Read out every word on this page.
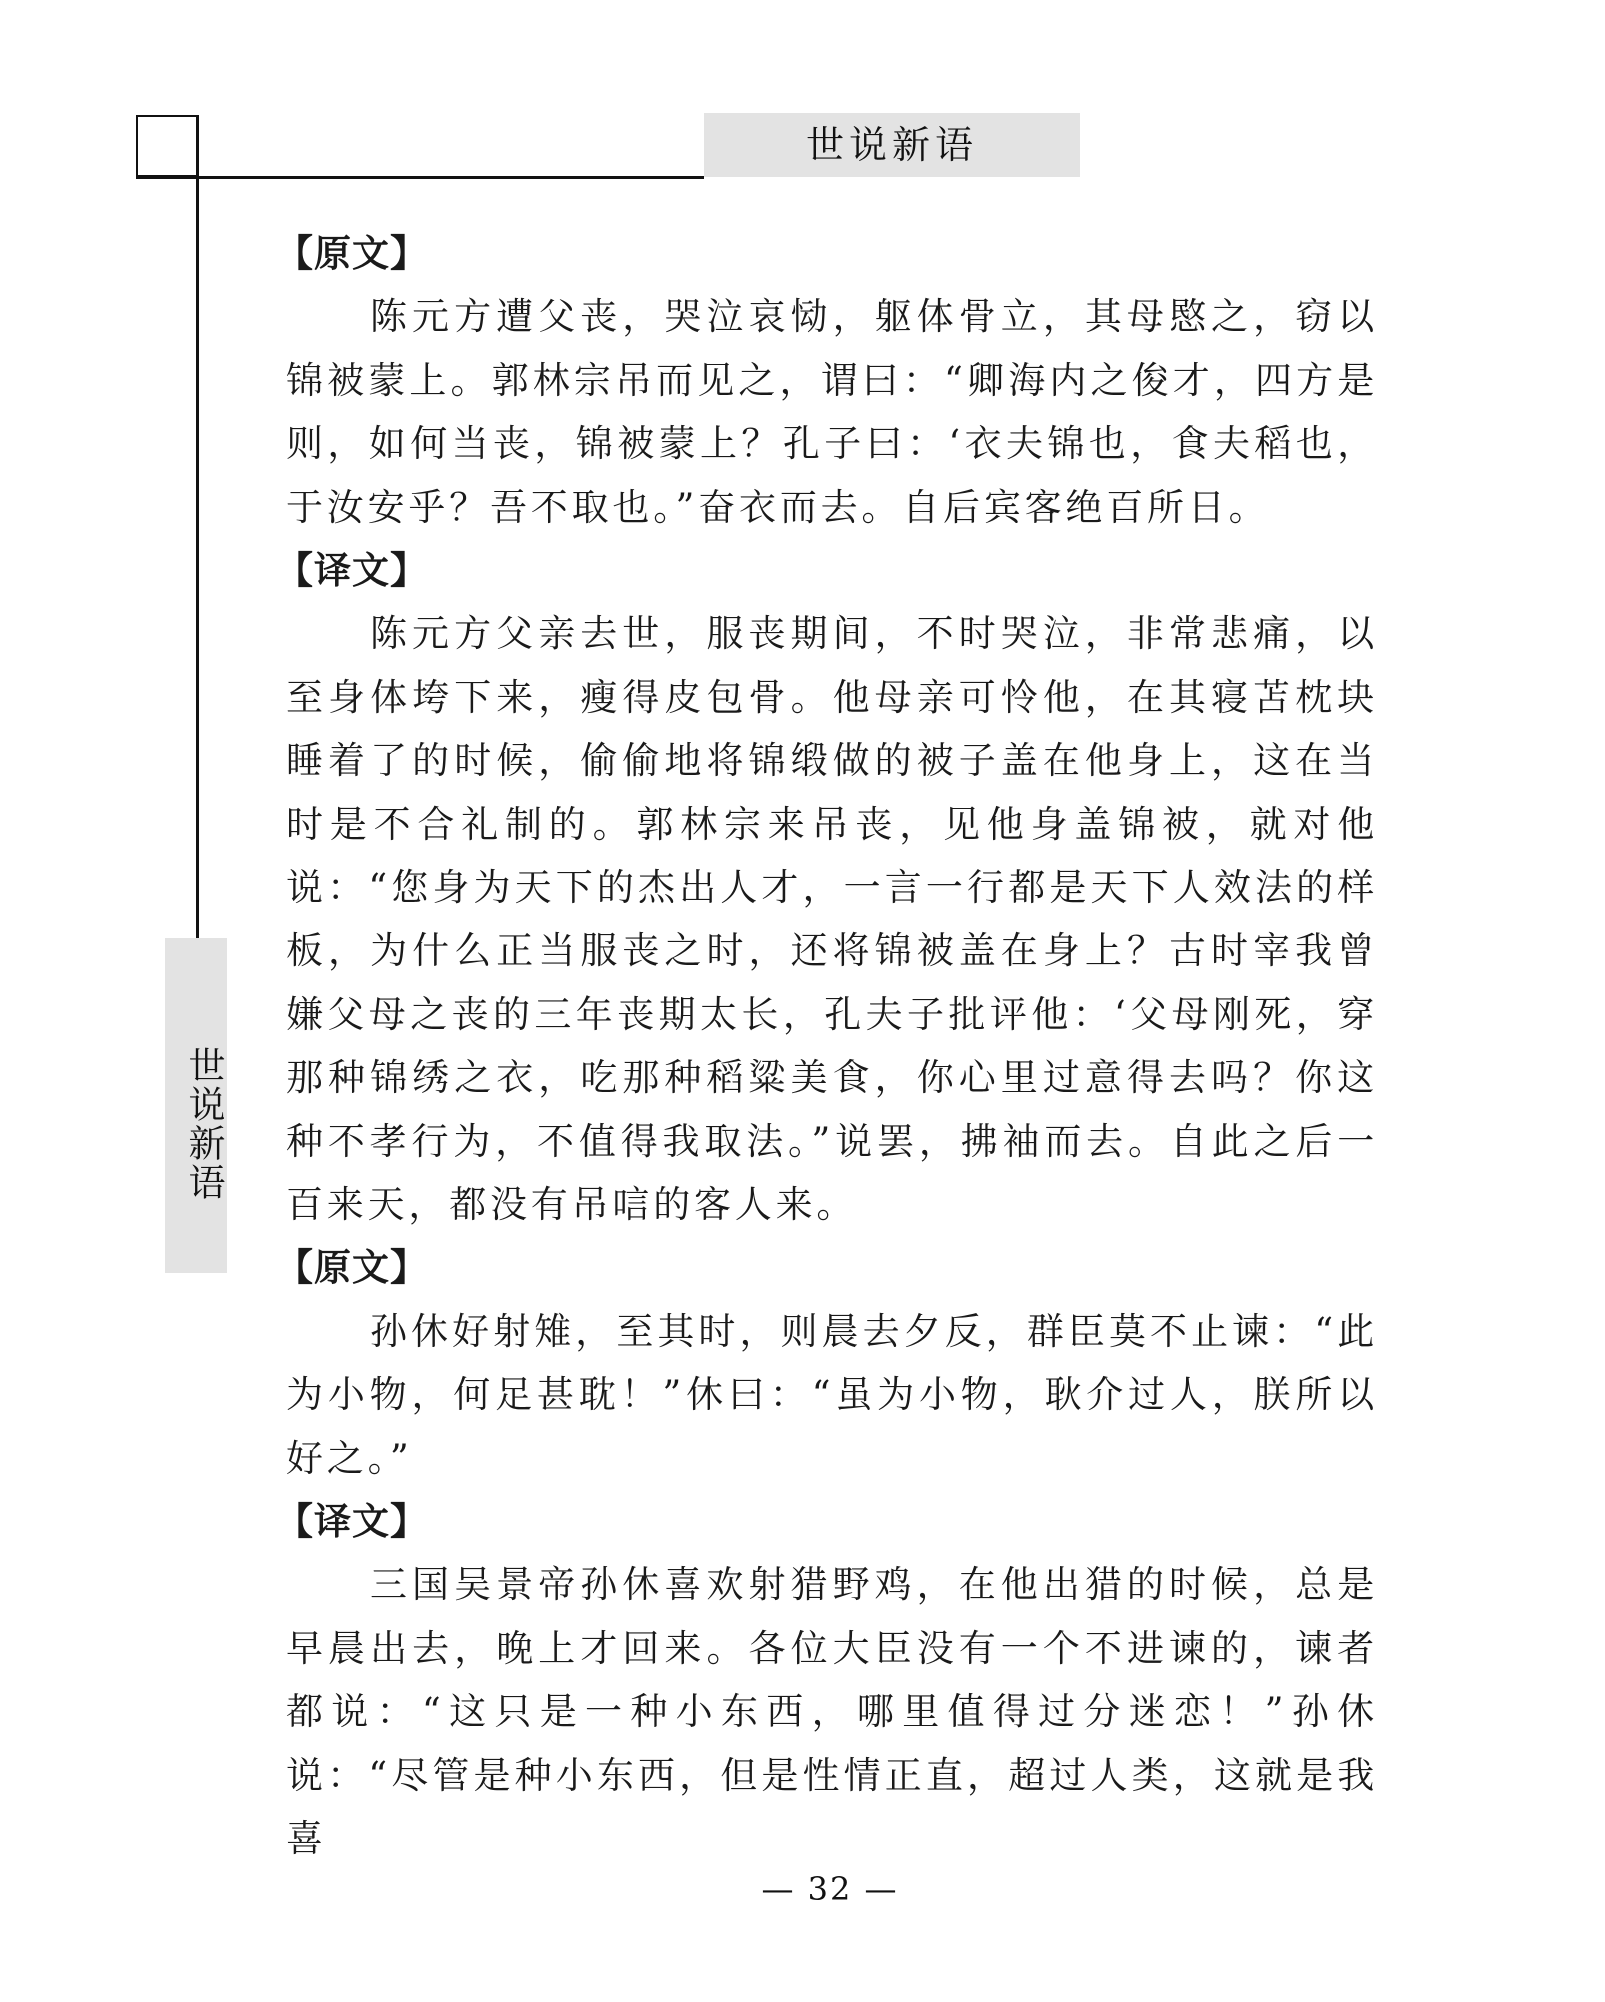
世说新语
世说新语
【原文】

陈元方遭父丧，哭泣哀恸，躯体骨立，其母愍之，窃以锦被蒙上。郭林宗吊而见之，谓曰：“卿海内之俊才，四方是则，如何当丧，锦被蒙上？孔子曰：‘衣夫锦也，食夫稻也，于汝安乎？吾不取也。”奋衣而去。自后宾客绝百所日。

【译文】

陈元方父亲去世，服丧期间，不时哭泣，非常悲痛，以至身体垮下来，瘦得皮包骨。他母亲可怜他，在其寝苫枕块睡着了的时候，偷偷地将锦缎做的被子盖在他身上，这在当时是不合礼制的。郭林宗来吊丧，见他身盖锦被，就对他说：“您身为天下的杰出人才，一言一行都是天下人效法的样板，为什么正当服丧之时，还将锦被盖在身上？古时宰我曾嫌父母之丧的三年丧期太长，孔夫子批评他：‘父母刚死，穿那种锦绣之衣，吃那种稻粱美食，你心里过意得去吗？你这种不孝行为，不值得我取法。”说罢，拂袖而去。自此之后一百来天，都没有吊唁的客人来。

【原文】

孙休好射雉，至其时，则晨去夕反，群臣莫不止谏：“此为小物，何足甚耽！”休曰：“虽为小物，耿介过人，朕所以好之。”

【译文】

三国吴景帝孙休喜欢射猎野鸡，在他出猎的时候，总是早晨出去，晚上才回来。各位大臣没有一个不进谏的，谏者都说：“这只是一种小东西，哪里值得过分迷恋！”孙休说：“尽管是种小东西，但是性情正直，超过人类，这就是我喜

— 32 —
